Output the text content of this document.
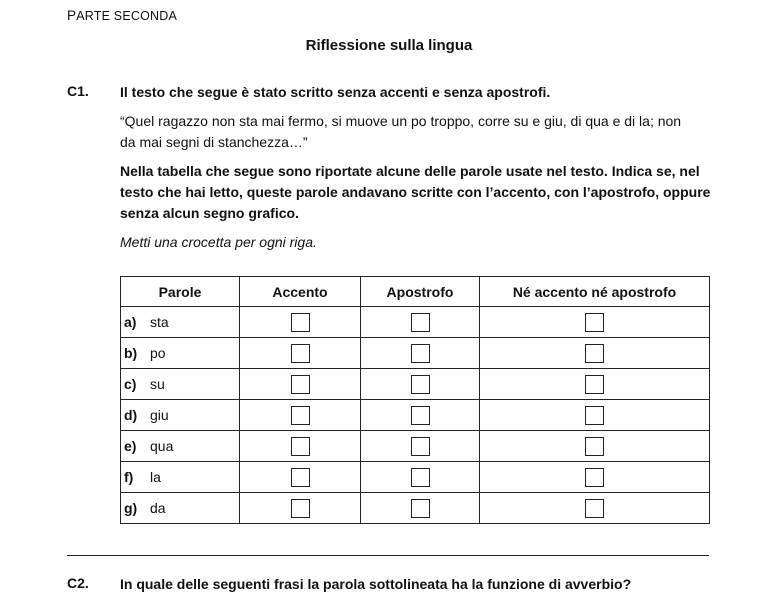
PARTE SECONDA
Riflessione sulla lingua
C1. Il testo che segue è stato scritto senza accenti e senza apostrofi.
“Quel ragazzo non sta mai fermo, si muove un po troppo, corre su e giu, di qua e di la; non
da mai segni di stanchezza…”
Nella tabella che segue sono riportate alcune delle parole usate nel testo. Indica se, nel
testo che hai letto, queste parole andavano scritte con l’accento, con l’apostrofo, oppure
senza alcun segno grafico.
Metti una crocetta per ogni riga.
Parole	Accento	Apostrofo	Né accento né apostrofo
a) sta			
b) po			
c) su			
d) giu			
e) qua			
f) la			
g) da			
C2. In quale delle seguenti frasi la parola sottolineata ha la funzione di avverbio?
